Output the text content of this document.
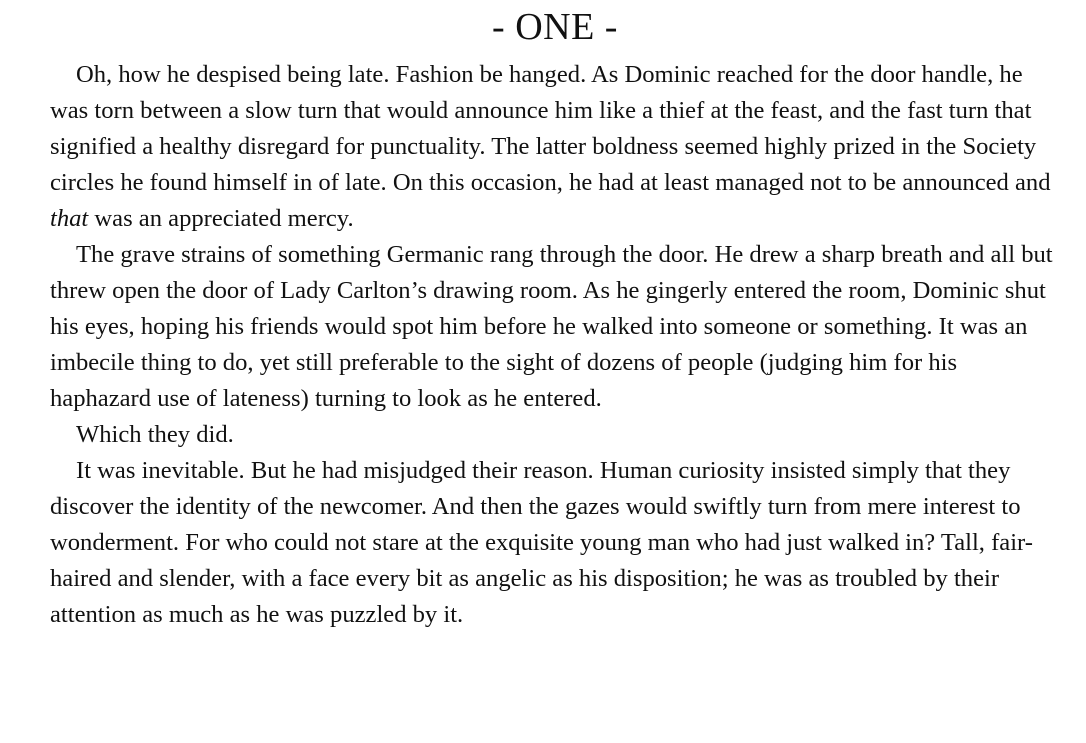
- ONE -

Oh, how he despised being late. Fashion be hanged. As Dominic reached for the door handle, he was torn between a slow turn that would announce him like a thief at the feast, and the fast turn that signified a healthy disregard for punctuality. The latter boldness seemed highly prized in the Society circles he found himself in of late. On this occasion, he had at least managed not to be announced and that was an appreciated mercy.

The grave strains of something Germanic rang through the door. He drew a sharp breath and all but threw open the door of Lady Carlton’s drawing room. As he gingerly entered the room, Dominic shut his eyes, hoping his friends would spot him before he walked into someone or something. It was an imbecile thing to do, yet still preferable to the sight of dozens of people (judging him for his haphazard use of lateness) turning to look as he entered.

Which they did.

It was inevitable. But he had misjudged their reason. Human curiosity insisted simply that they discover the identity of the newcomer. And then the gazes would swiftly turn from mere interest to wonderment. For who could not stare at the exquisite young man who had just walked in? Tall, fair-haired and slender, with a face every bit as angelic as his disposition; he was as troubled by their attention as much as he was puzzled by it.
